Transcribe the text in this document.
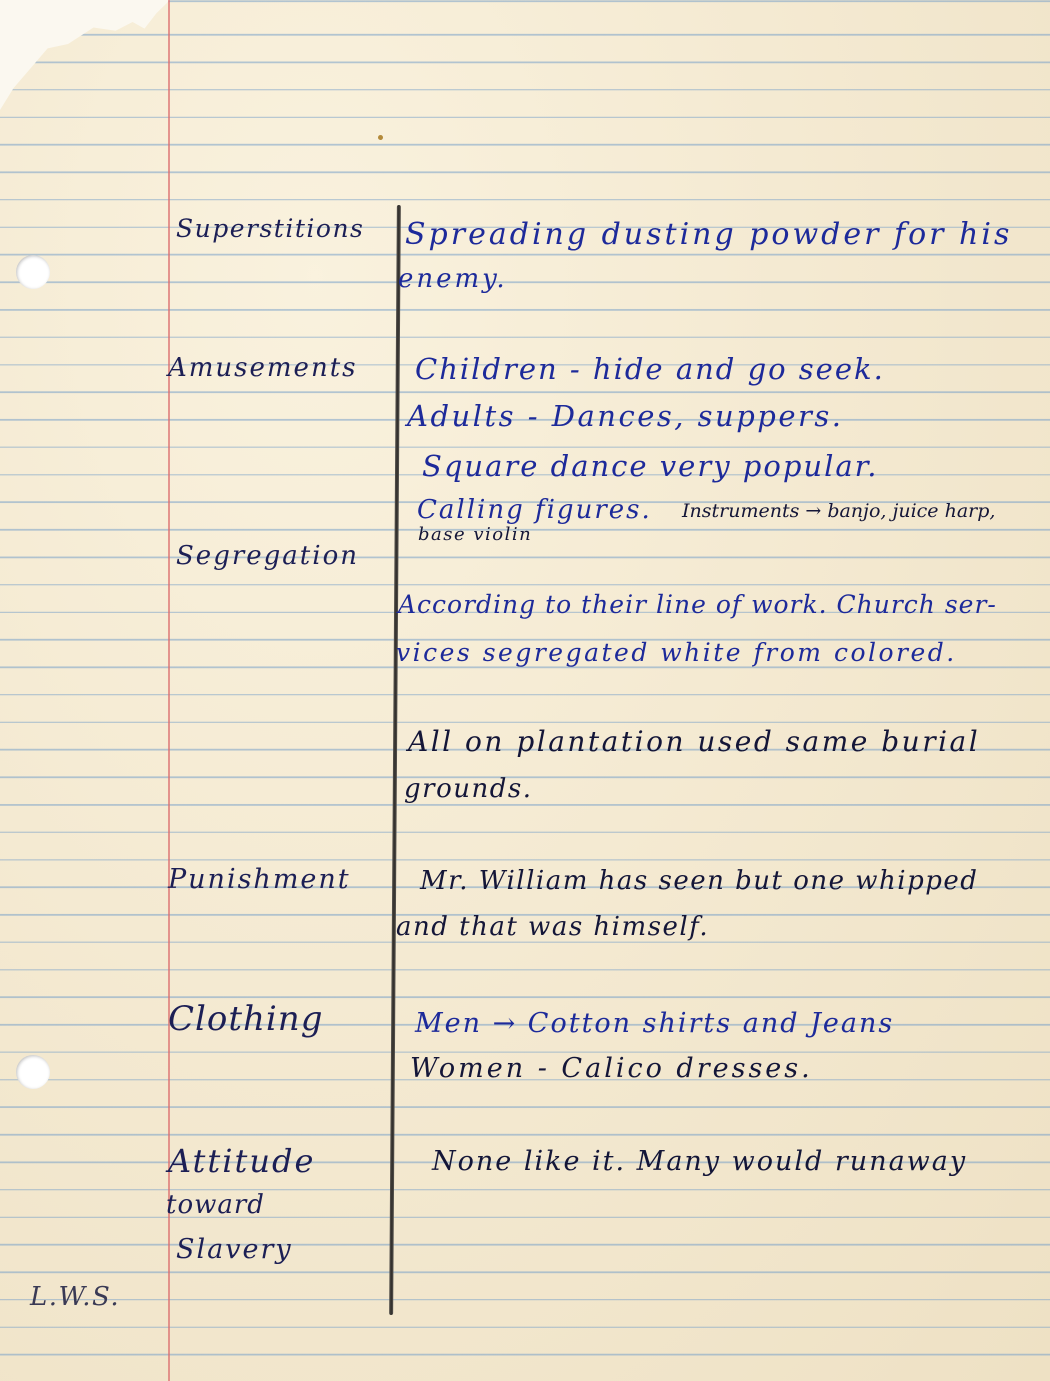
Superstitions Spreading dusting powder for his
enemy.
Amusements Children - hide and go seek.
Adults - Dances, suppers.
Square dance very popular.
Calling figures. Instruments → banjo, juice harp,
base violin
Segregation
According to their line of work. Church ser-
vices segregated white from colored.
All on plantation used same burial
grounds.
Punishment	Mr. William has seen but one whipped
and that was himself.
Clothing	Men → Cotton shirts and Jeans
Women - Calico dresses.
Attitude
toward
Slavery
None like it. Many would runaway
L.W.S.
